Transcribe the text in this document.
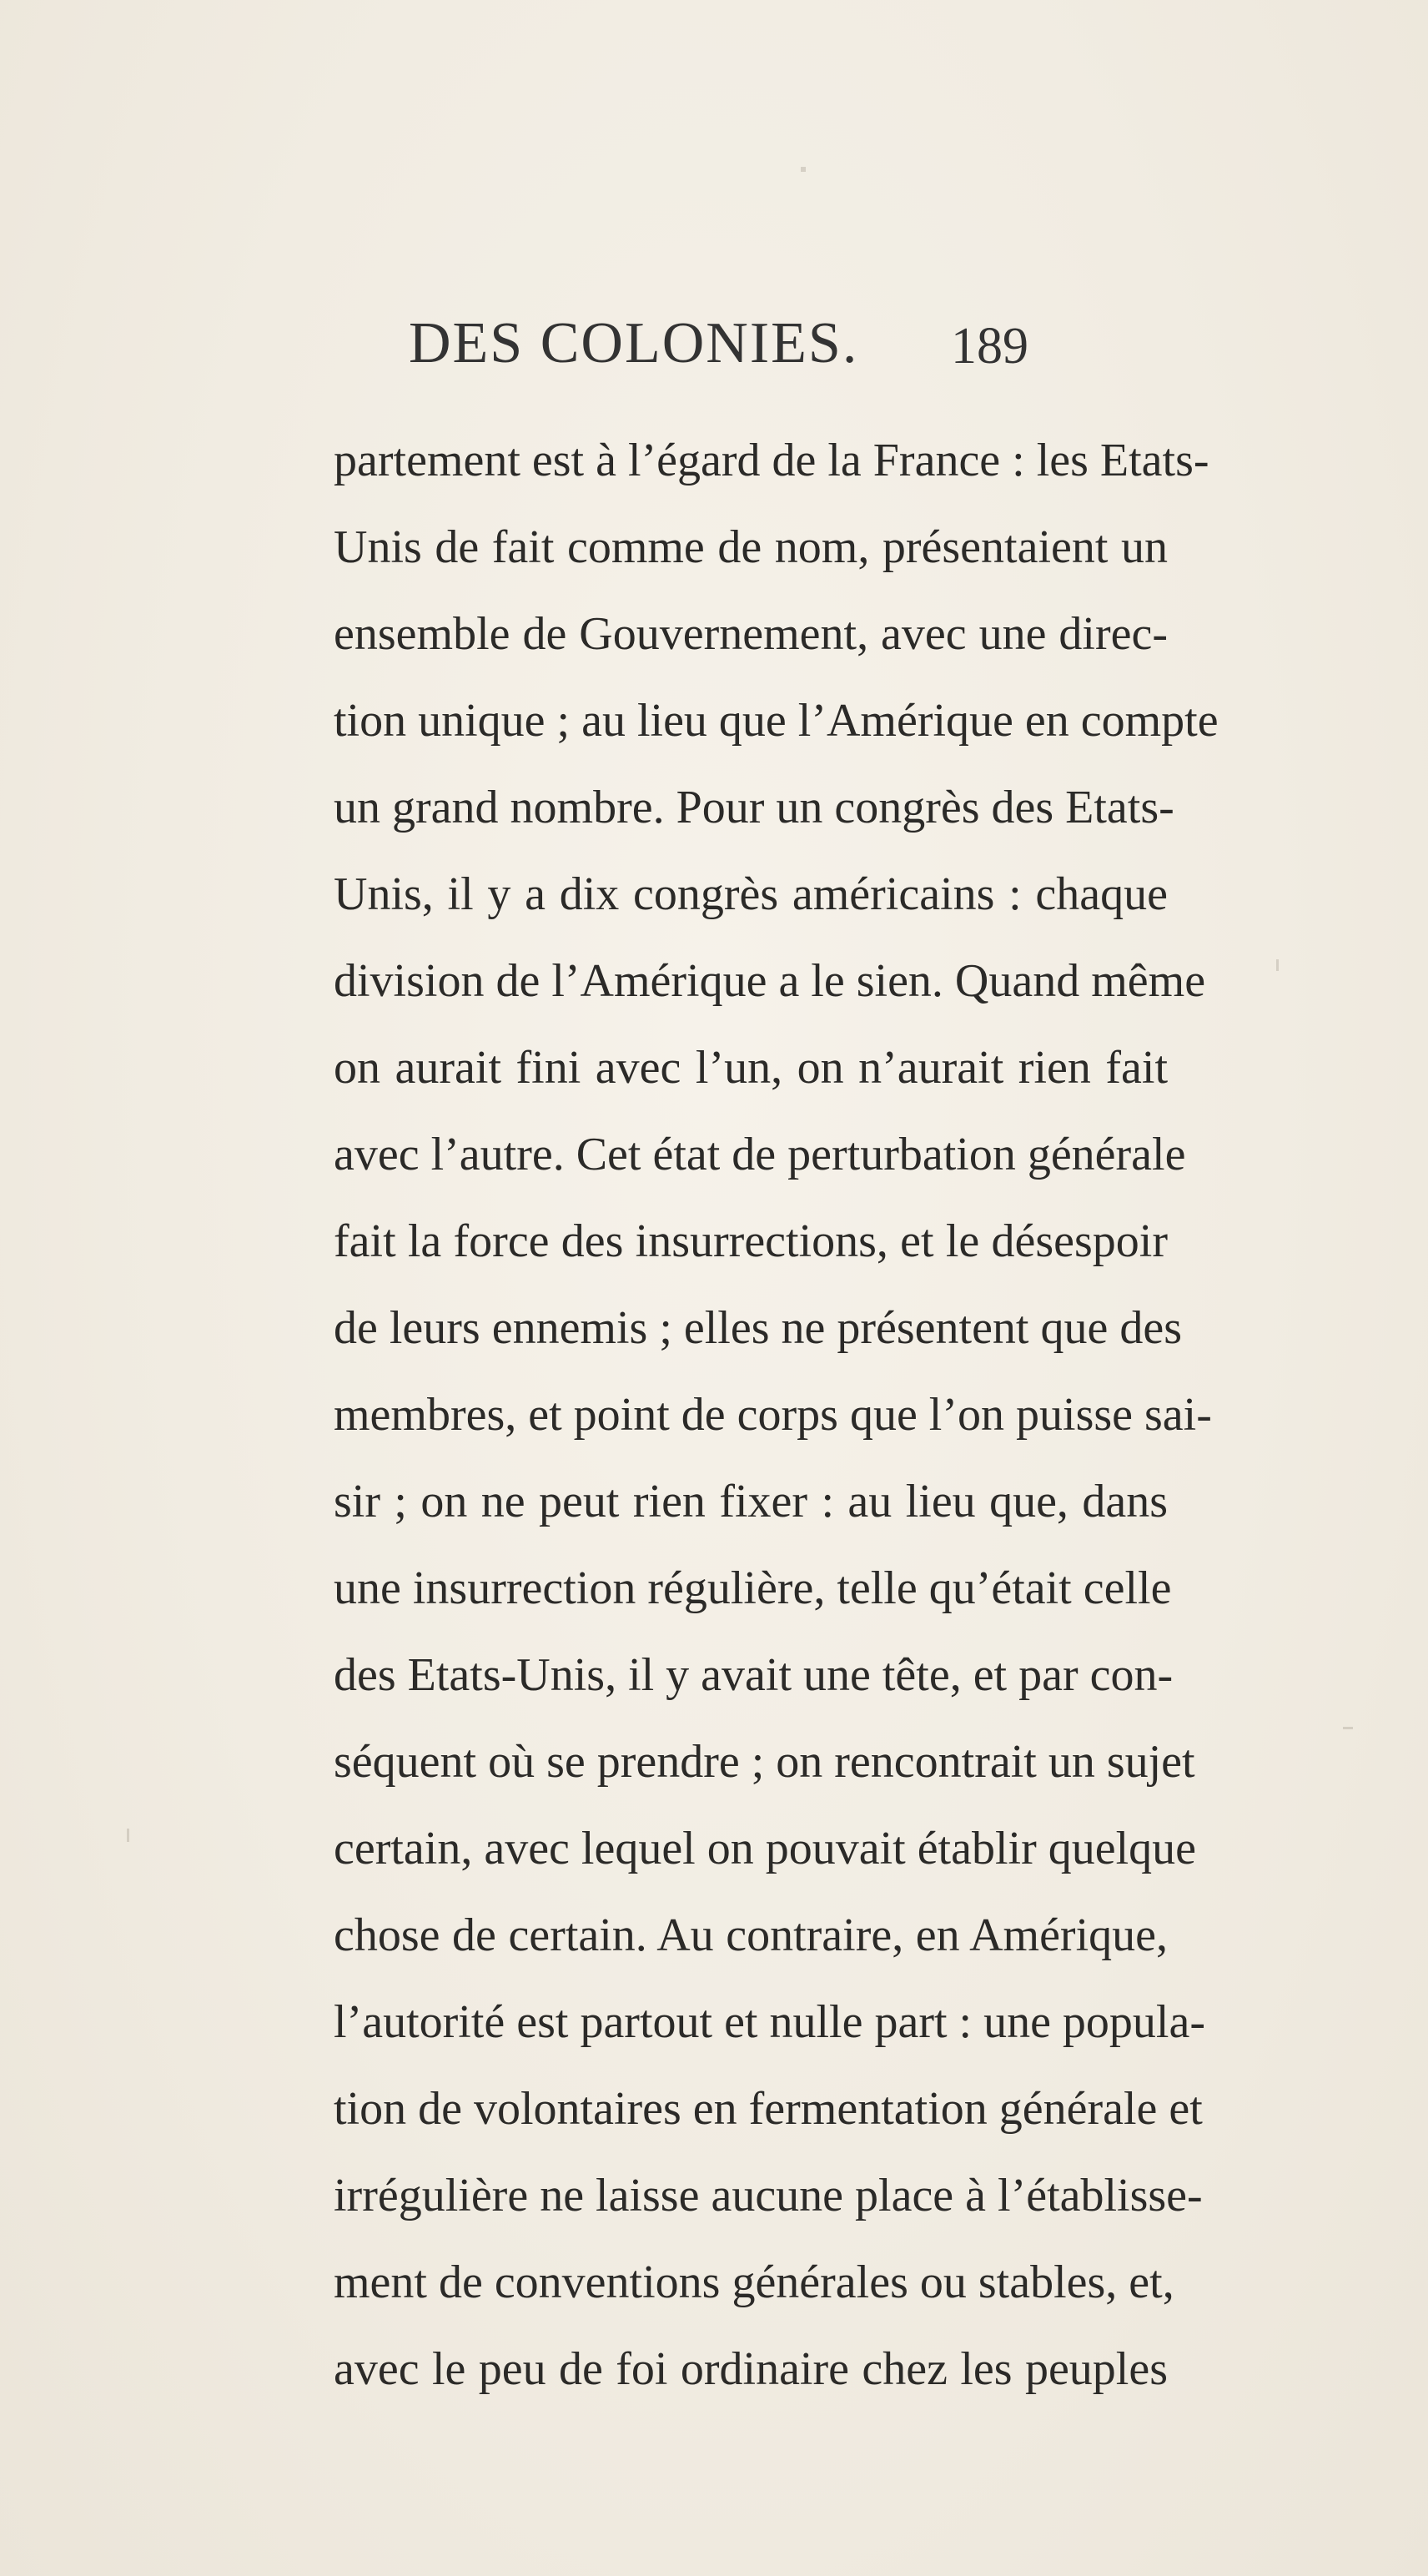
DES COLONIES. 189
partement est à l’égard de la France : les Etats-
Unis de fait comme de nom, présentaient un
ensemble de Gouvernement, avec une direc-
tion unique ; au lieu que l’Amérique en compte
un grand nombre. Pour un congrès des Etats-
Unis, il y a dix congrès américains : chaque
division de l’Amérique a le sien. Quand même
on aurait fini avec l’un, on n’aurait rien fait
avec l’autre. Cet état de perturbation générale
fait la force des insurrections, et le désespoir
de leurs ennemis ; elles ne présentent que des
membres, et point de corps que l’on puisse sai-
sir ; on ne peut rien fixer : au lieu que, dans
une insurrection régulière, telle qu’était celle
des Etats-Unis, il y avait une tête, et par con-
séquent où se prendre ; on rencontrait un sujet
certain, avec lequel on pouvait établir quelque
chose de certain. Au contraire, en Amérique,
l’autorité est partout et nulle part : une popula-
tion de volontaires en fermentation générale et
irrégulière ne laisse aucune place à l’établisse-
ment de conventions générales ou stables, et,
avec le peu de foi ordinaire chez les peuples
